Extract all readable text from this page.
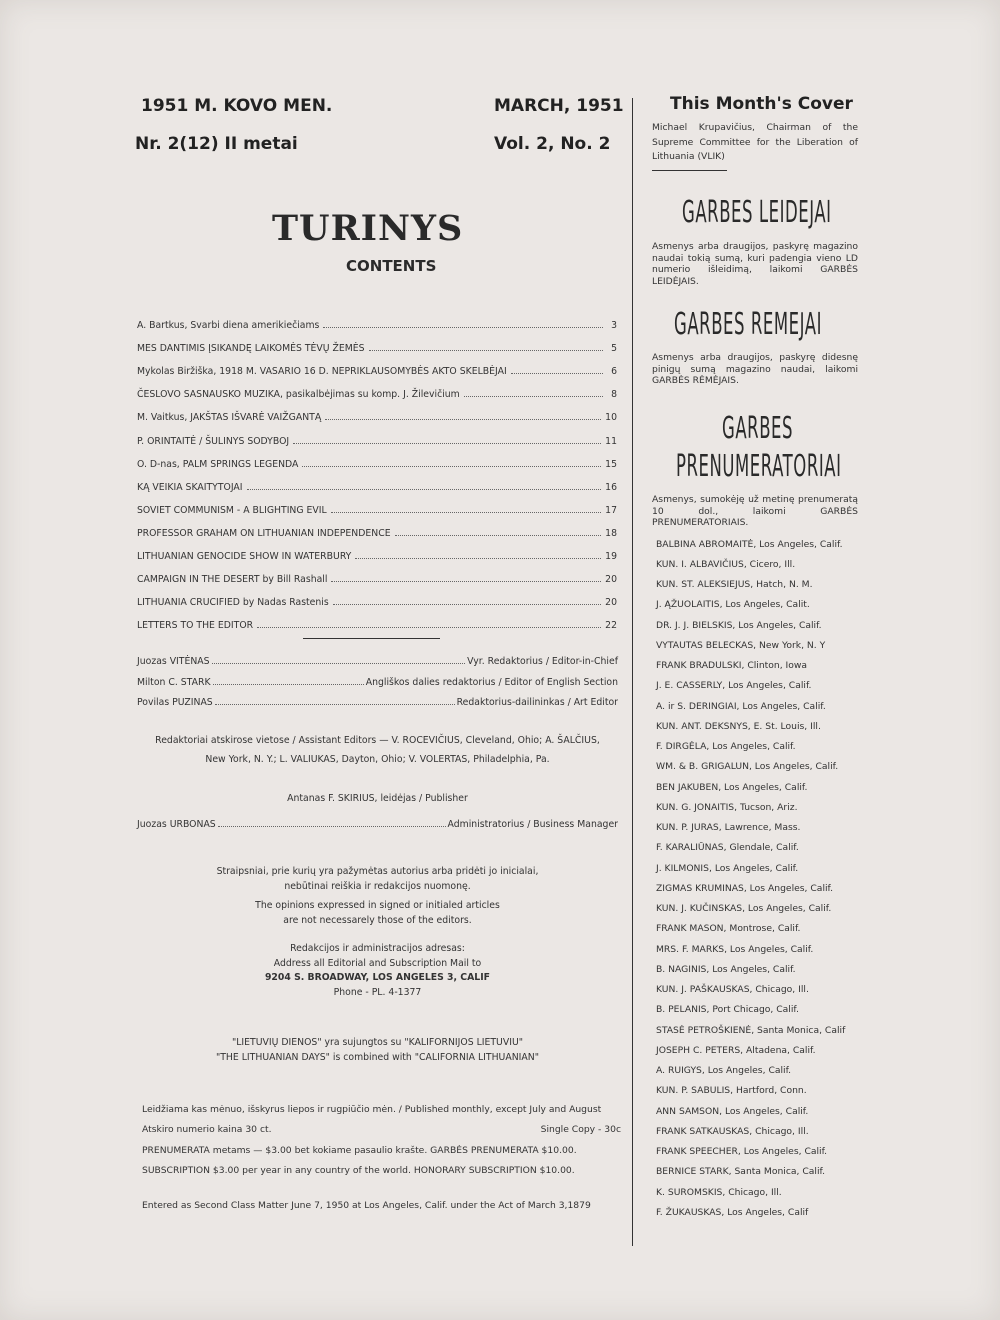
1951 M. KOVO MEN.
Nr. 2(12) II metai
MARCH, 1951
Vol. 2, No. 2
TURINYS
CONTENTS
A. Bartkus, Svarbi diena amerikiečiams	3
MES DANTIMIS ĮSIKANDĘ LAIKOMĖS TĖVŲ ŽEMĖS	5
Mykolas Biržiška, 1918 M. VASARIO 16 D. NEPRIKLAUSOMYBĖS AKTO SKELBĖJAI	6
ČESLOVO SASNAUSKO MUZIKA, pasikalbėjimas su komp. J. Žilevičium	8
M. Vaitkus, JAKŠTAS IŠVARĖ VAIŽGANTĄ	10
P. ORINTAITĖ / ŠULINYS SODYBOJ	11
O. D-nas, PALM SPRINGS LEGENDA	15
KĄ VEIKIA SKAITYTOJAI	16
SOVIET COMMUNISM - A BLIGHTING EVIL	17
PROFESSOR GRAHAM ON LITHUANIAN INDEPENDENCE	18
LITHUANIAN GENOCIDE SHOW IN WATERBURY	19
CAMPAIGN IN THE DESERT by Bill Rashall	20
LITHUANIA CRUCIFIED by Nadas Rastenis	20
LETTERS TO THE EDITOR	22
Juozas VITĖNAS	Vyr. Redaktorius / Editor-in-Chief
Milton C. STARK	Angliškos dalies redaktorius / Editor of English Section
Povilas PUZINAS	Redaktorius-dailininkas / Art Editor
Redaktoriai atskirose vietose / Assistant Editors — V. ROCEVIČIUS, Cleveland, Ohio; A. ŠALČIUS,
New York, N. Y.; L. VALIUKAS, Dayton, Ohio; V. VOLERTAS, Philadelphia, Pa.
Antanas F. SKIRIUS, leidėjas / Publisher
Juozas URBONAS	Administratorius / Business Manager
Straipsniai, prie kurių yra pažymėtas autorius arba pridėti jo inicialai,
nebūtinai reiškia ir redakcijos nuomonę.
The opinions expressed in signed or initialed articles
are not necessarely those of the editors.
Redakcijos ir administracijos adresas:
Address all Editorial and Subscription Mail to
9204 S. BROADWAY, LOS ANGELES 3, CALIF
Phone - PL. 4-1377
"LIETUVIŲ DIENOS" yra sujungtos su "KALIFORNIJOS LIETUVIU"
"THE LITHUANIAN DAYS" is combined with "CALIFORNIA LITHUANIAN"
Leidžiama kas mėnuo, išskyrus liepos ir rugpiūčio mėn. / Published monthly, except July and August
Atskiro numerio kaina 30 ct.	Single Copy - 30c
PRENUMERATA metams — $3.00 bet kokiame pasaulio krašte. GARBĖS PRENUMERATA $10.00.
SUBSCRIPTION $3.00 per year in any country of the world. HONORARY SUBSCRIPTION $10.00.
Entered as Second Class Matter June 7, 1950 at Los Angeles, Calif. under the Act of March 3,1879
This Month's Cover
Michael Krupavičius, Chairman of the Supreme Committee for the Liberation of Lithuania (VLIK)
GARBES LEIDEJAI
Asmenys arba draugijos, paskyrę magazino naudai tokią sumą, kuri padengia vieno LD numerio išleidimą, laikomi GARBĖS LEIDĖJAIS.
GARBES REMEJAI
Asmenys arba draugijos, paskyrę didesnę pinigų sumą magazino naudai, laikomi GARBĖS RĖMĖJAIS.
GARBES
PRENUMERATORIAI
Asmenys, sumokėję už metinę prenumeratą 10 dol., laikomi GARBĖS PRENUMERATORIAIS.
BALBINA ABROMAITĖ, Los Angeles, Calif.
KUN. I. ALBAVIČIUS, Cicero, Ill.
KUN. ST. ALEKSIEJUS, Hatch, N. M.
J. ĄŽUOLAITIS, Los Angeles, Calit.
DR. J. J. BIELSKIS, Los Angeles, Calif.
VYTAUTAS BELECKAS, New York, N. Y
FRANK BRADULSKI, Clinton, Iowa
J. E. CASSERLY, Los Angeles, Calif.
A. ir S. DERINGIAI, Los Angeles, Calif.
KUN. ANT. DEKSNYS, E. St. Louis, Ill.
F. DIRGĖLA, Los Angeles, Calif.
WM. & B. GRIGALUN, Los Angeles, Calif.
BEN JAKUBEN, Los Angeles, Calif.
KUN. G. JONAITIS, Tucson, Ariz.
KUN. P. JURAS, Lawrence, Mass.
F. KARALIŪNAS, Glendale, Calif.
J. KILMONIS, Los Angeles, Calif.
ZIGMAS KRUMINAS, Los Angeles, Calif.
KUN. J. KUČINSKAS, Los Angeles, Calif.
FRANK MASON, Montrose, Calif.
MRS. F. MARKS, Los Angeles, Calif.
B. NAGINIS, Los Angeles, Calif.
KUN. J. PAŠKAUSKAS, Chicago, Ill.
B. PELANIS, Port Chicago, Calif.
STASĖ PETROŠKIENĖ, Santa Monica, Calif
JOSEPH C. PETERS, Altadena, Calif.
A. RUIGYS, Los Angeles, Calif.
KUN. P. SABULIS, Hartford, Conn.
ANN SAMSON, Los Angeles, Calif.
FRANK SATKAUSKAS, Chicago, Ill.
FRANK SPEECHER, Los Angeles, Calif.
BERNICE STARK, Santa Monica, Calif.
K. SUROMSKIS, Chicago, Ill.
F. ŽUKAUSKAS, Los Angeles, Calif
